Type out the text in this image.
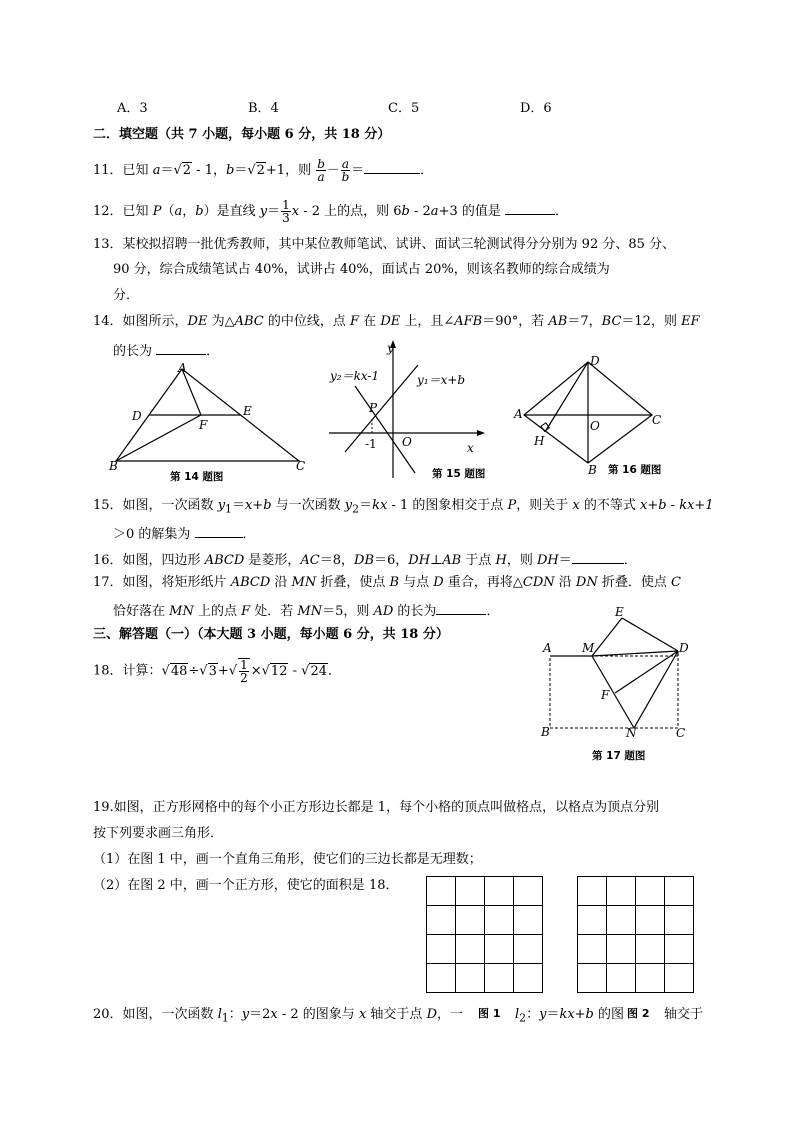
A．3	B．4	C．5	D．6
二．填空题（共 7 小题，每小题 6 分，共 18 分）
11．已知 a＝√2 - 1，b＝√2+1，则 $\frac{b}{a} - \frac{a}{b}$ ＝	．
12．已知 P（a，b）是直线 $y= \frac{1}{3}$ x - 2 上的点，则 6b - 2a+3 的值是	．
13．某校拟招聘一批优秀教师，其中某位教师笔试、试讲、面试三轮测试得分分别为 92 分、85 分、
90 分，综合成绩笔试占 40%，试讲占 40%，面试占 20%，则该名教师的综合成绩为
分．
14．如图所示，DE 为△ABC 的中位线，点 F 在 DE 上，且∠AFB＝90°，若 AB＝7，BC＝12，则 EF
的长为	．
A
D	E
F
B	C
第 14 题图
y
x
y₂＝kx-1	y₁＝x+b
P
-1 O
第 15 题图
D
A	C
O
H
B 第 16 题图
15．如图，一次函数 $y_1=x+b$ 与一次函数 $y_2=kx - 1$ 的图象相交于点 P，则关于 x 的不等式 x+b - kx+1
＞0 的解集为	．
16．如图，四边形 ABCD 是菱形，AC＝8，DB＝6，DH⊥AB 于点 H，则 DH＝	．
17．如图，将矩形纸片 ABCD 沿 MN 折叠，使点 B 与点 D 重合，再将△CDN 沿 DN 折叠．使点 C
恰好落在 MN 上的点 F 处．若 MN＝5，则 AD 的长为	．
三、解答题（一）（本大题 3 小题，每小题 6 分，共 18 分）
18．计算：$√48\div√3+√ \frac{1}{2} \times√12 - √24$．
A	M
E
D
F
B	N	C
第 17 题图
19.如图，正方形网格中的每个小正方形边长都是 1，每个小格的顶点叫做格点，以格点为顶点分别
按下列要求画三角形．
（1）在图 1 中，画一个直角三角形，使它们的三边长都是无理数；
（2）在图 2 中，画一个正方形，使它的面积是 18．
20．如图，一次函数 $l_1$：y＝2x - 2 的图象与 x 轴交于点 D，一	$l_2$：y＝kx+b 的图	轴交于
图 1	图 2
